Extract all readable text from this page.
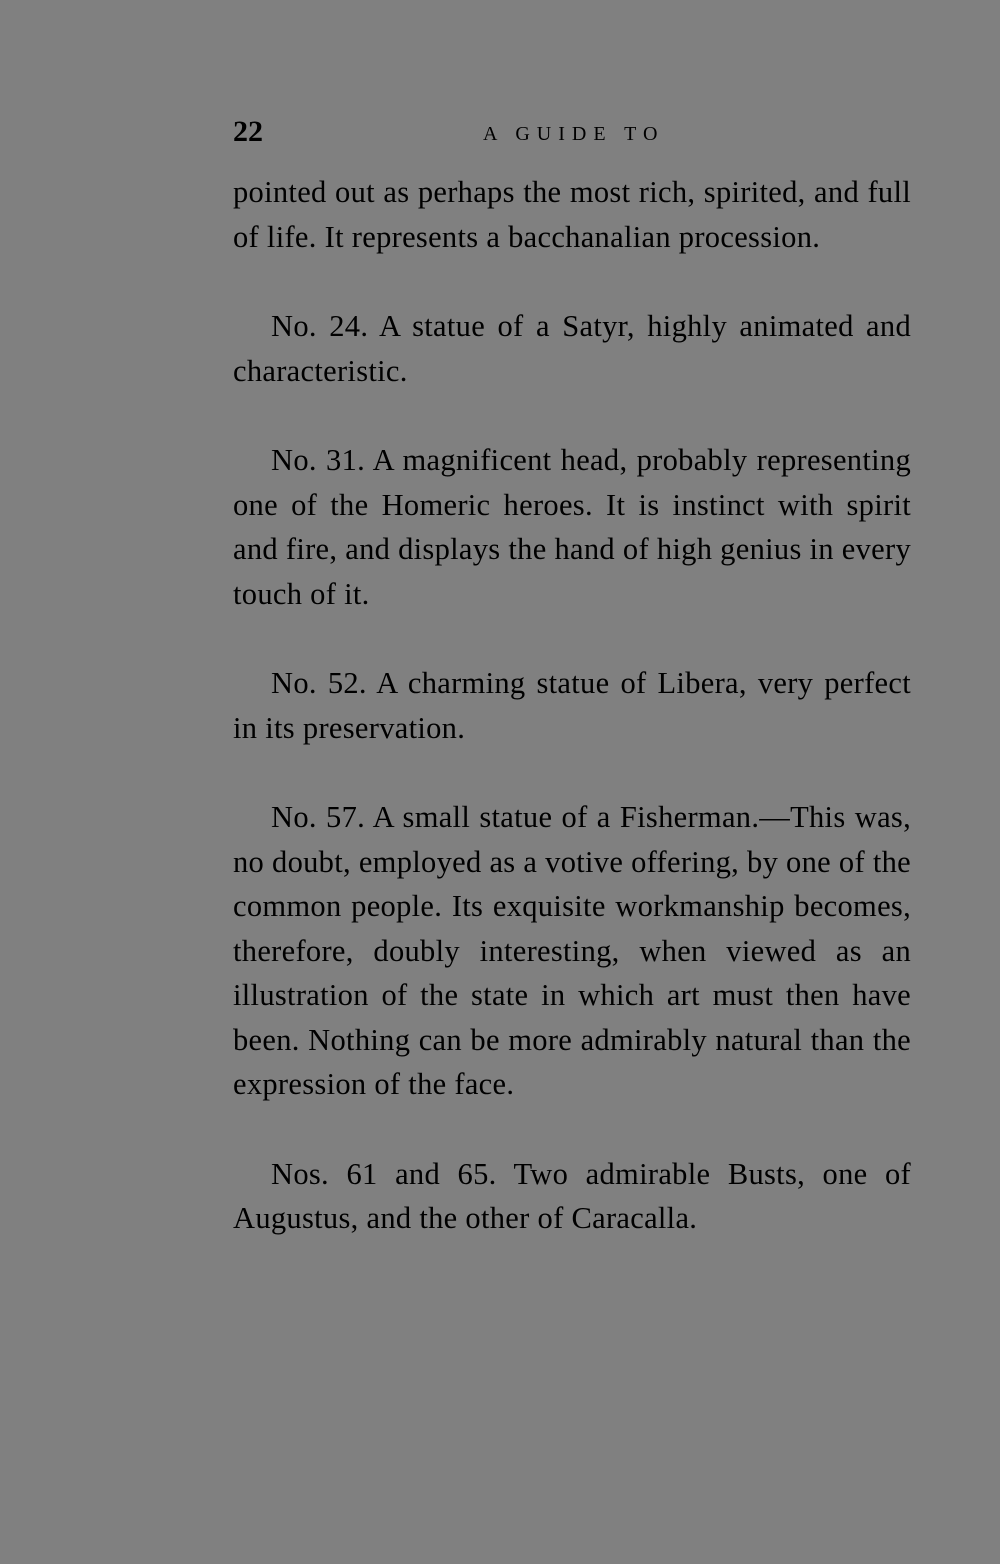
22	A GUIDE TO

pointed out as perhaps the most rich, spirited, and full of life. It represents a bacchanalian procession.

No. 24. A statue of a Satyr, highly animated and characteristic.

No. 31. A magnificent head, probably representing one of the Homeric heroes. It is instinct with spirit and fire, and displays the hand of high genius in every touch of it.

No. 52. A charming statue of Libera, very perfect in its preservation.

No. 57. A small statue of a Fisherman.—This was, no doubt, employed as a votive offering, by one of the common people. Its exquisite workmanship becomes, therefore, doubly interesting, when viewed as an illustration of the state in which art must then have been. Nothing can be more admirably natural than the expression of the face.

Nos. 61 and 65. Two admirable Busts, one of Augustus, and the other of Caracalla.
